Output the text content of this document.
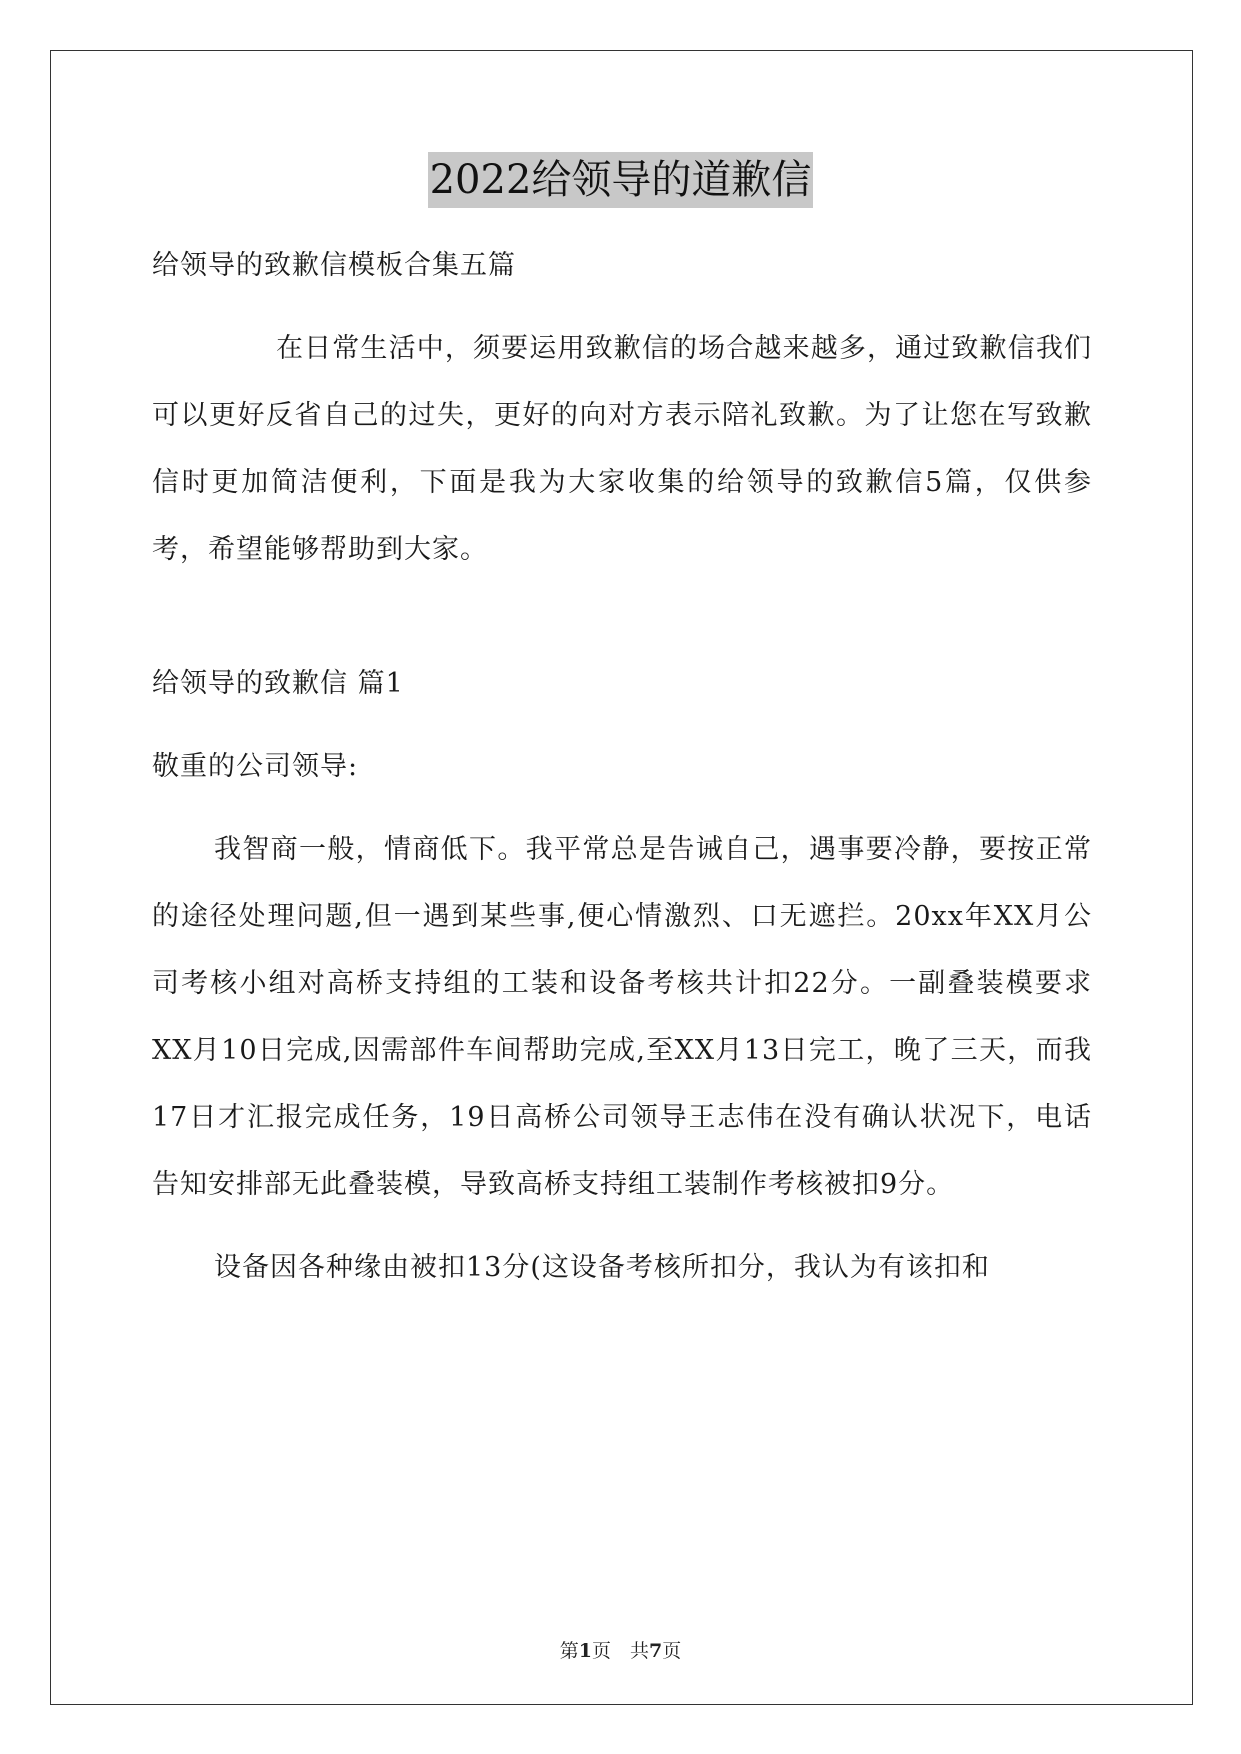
2022给领导的道歉信

给领导的致歉信模板合集五篇

在日常生活中，须要运用致歉信的场合越来越多，通过致歉信我们可以更好反省自己的过失，更好的向对方表示陪礼致歉。为了让您在写致歉信时更加简洁便利，下面是我为大家收集的给领导的致歉信5篇，仅供参考，希望能够帮助到大家。

给领导的致歉信 篇1

敬重的公司领导:

我智商一般，情商低下。我平常总是告诫自己，遇事要冷静，要按正常的途径处理问题,但一遇到某些事,便心情激烈、口无遮拦。20xx年XX月公司考核小组对高桥支持组的工装和设备考核共计扣22分。一副叠装模要求XX月10日完成,因需部件车间帮助完成,至XX月13日完工，晚了三天，而我17日才汇报完成任务，19日高桥公司领导王志伟在没有确认状况下，电话告知安排部无此叠装模，导致高桥支持组工装制作考核被扣9分。

设备因各种缘由被扣13分(这设备考核所扣分，我认为有该扣和

第1页　共7页
